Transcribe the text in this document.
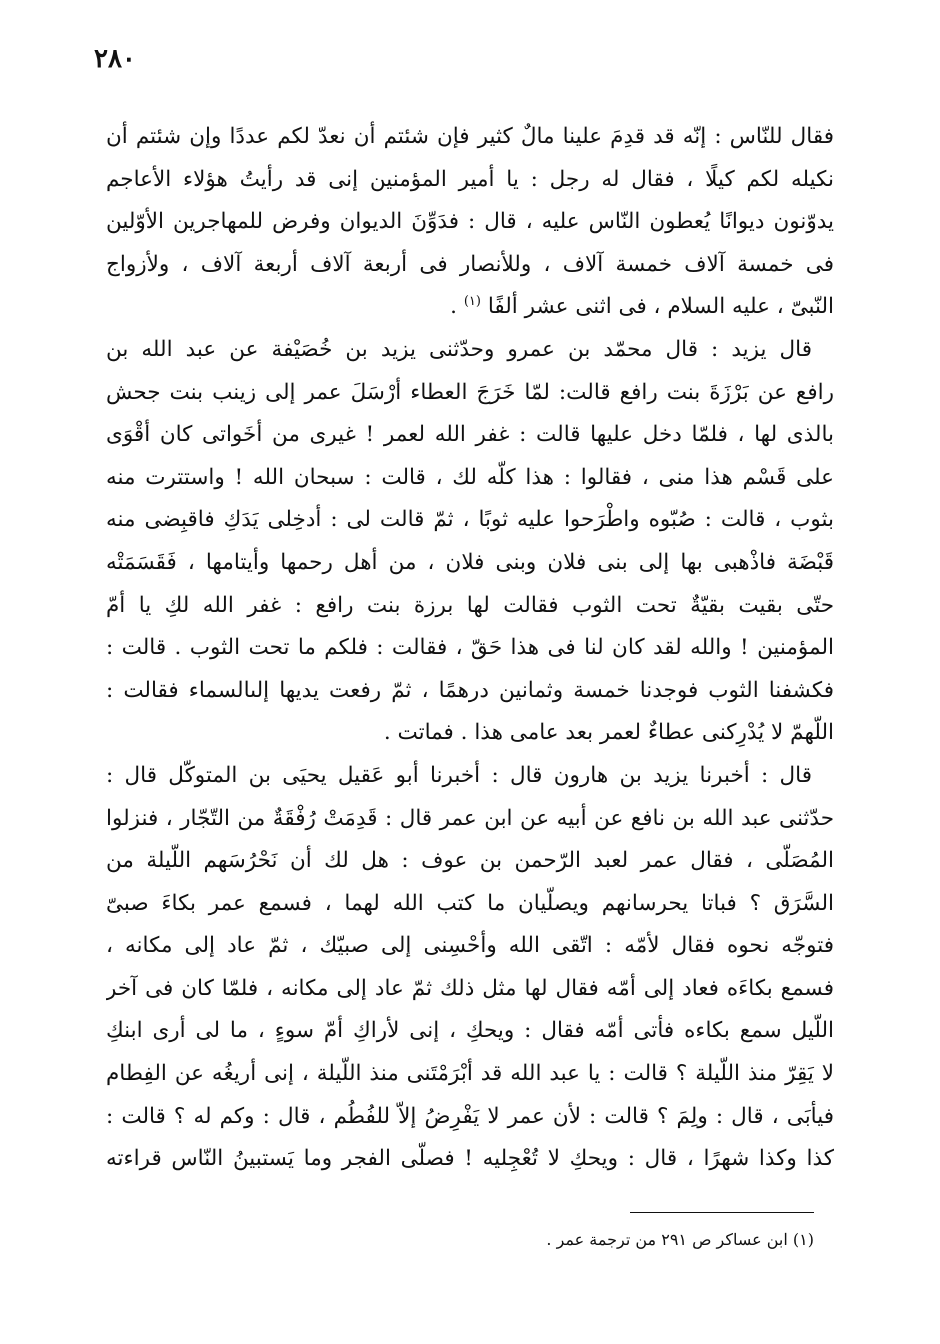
٢٨٠
فقال للنّاس : إنّه قد قدِمَ علينا مالٌ كثير فإن شئتم أن نعدّ لكم عددًا وإن شئتم أن
نكيله لكم كيلًا ، فقال له رجل : يا أمير المؤمنين إنى قد رأيتُ هؤلاء الأعاجم
يدوّنون ديوانًا يُعطون النّاس عليه ، قال : فدَوِّنَ الديوان وفرض للمهاجرين الأوّلين
فى خمسة آلاف خمسة آلاف ، وللأنصار فى أربعة آلاف أربعة آلاف ، ولأزواج
النّبىّ ، عليه السلام ، فى اثنى عشر ألفًا $^{(١)}$ .
قال يزيد : قال محمّد بن عمرو وحدّثنى يزيد بن خُصَيْفة عن عبد الله بن
رافع عن بَرْزَةَ بنت رافع قالت: لمّا خَرَجَ العطاء أرْسَلَ عمر إلى زينب بنت جحش
بالذى لها ، فلمّا دخل عليها قالت : غفر الله لعمر ! غيرى من أخَواتى كان أقْوَى
على قَسْم هذا منى ، فقالوا : هذا كلّه لك ، قالت : سبحان الله ! واستترت منه
بثوب ، قالت : صُبّوه واطْرَحوا عليه ثوبًا ، ثمّ قالت لى : أدخِلى يَدَكِ فاقبِضى منه
قَبْضَة فاذْهبى بها إلى بنى فلان وبنى فلان ، من أهل رحمها وأيتامها ، فَقَسَمَتْه
حتّى بقيت بقيّةٌ تحت الثوب فقالت لها برزة بنت رافع : غفر الله لكِ يا أمّ
المؤمنين ! والله لقد كان لنا فى هذا حَقّ ، فقالت : فلكم ما تحت الثوب . قالت :
فكشفنا الثوب فوجدنا خمسة وثمانين درهمًا ، ثمّ رفعت يديها إلىالسماء فقالت :
اللّهمّ لا يُدْرِكنى عطاءٌ لعمر بعد عامى هذا . فماتت .
قال : أخبرنا يزيد بن هارون قال : أخبرنا أبو عَقيل يحيَى بن المتوكّل قال :
حدّثنى عبد الله بن نافع عن أبيه عن ابن عمر قال : قَدِمَتْ رُفْقَةٌ من التّجّار ، فنزلوا
المُصَلّى ، فقال عمر لعبد الرّحمن بن عوف : هل لك أن نَحْرُسَهم اللّيلة من
السَّرَق ؟ فباتا يحرسانهم ويصلّيان ما كتب الله لهما ، فسمع عمر بكاءَ صبىّ
فتوجّه نحوه فقال لأمّه : اتّقى الله وأحْسِنى إلى صبيّك ، ثمّ عاد إلى مكانه ،
فسمع بكاءَه فعاد إلى أمّه فقال لها مثل ذلك ثمّ عاد إلى مكانه ، فلمّا كان فى آخر
اللّيل سمع بكاءه فأتى أمّه فقال : ويحكِ ، إنى لأراكِ أمّ سوءٍ ، ما لى أرى ابنكِ
لا يَقِرّ منذ اللّيلة ؟ قالت : يا عبد الله قد أبْرَمْتَنى منذ اللّيلة ، إنى أريغُه عن الفِطام
فيأبَى ، قال : ولِمَ ؟ قالت : لأن عمر لا يَفْرِضُ إلاّ للفُطُم ، قال : وكم له ؟ قالت :
كذا وكذا شهرًا ، قال : ويحكِ لا تُعْجِليه ! فصلّى الفجر وما يَستبينُ النّاس قراءته
(١) ابن عساكر ص ٢٩١ من ترجمة عمر .
